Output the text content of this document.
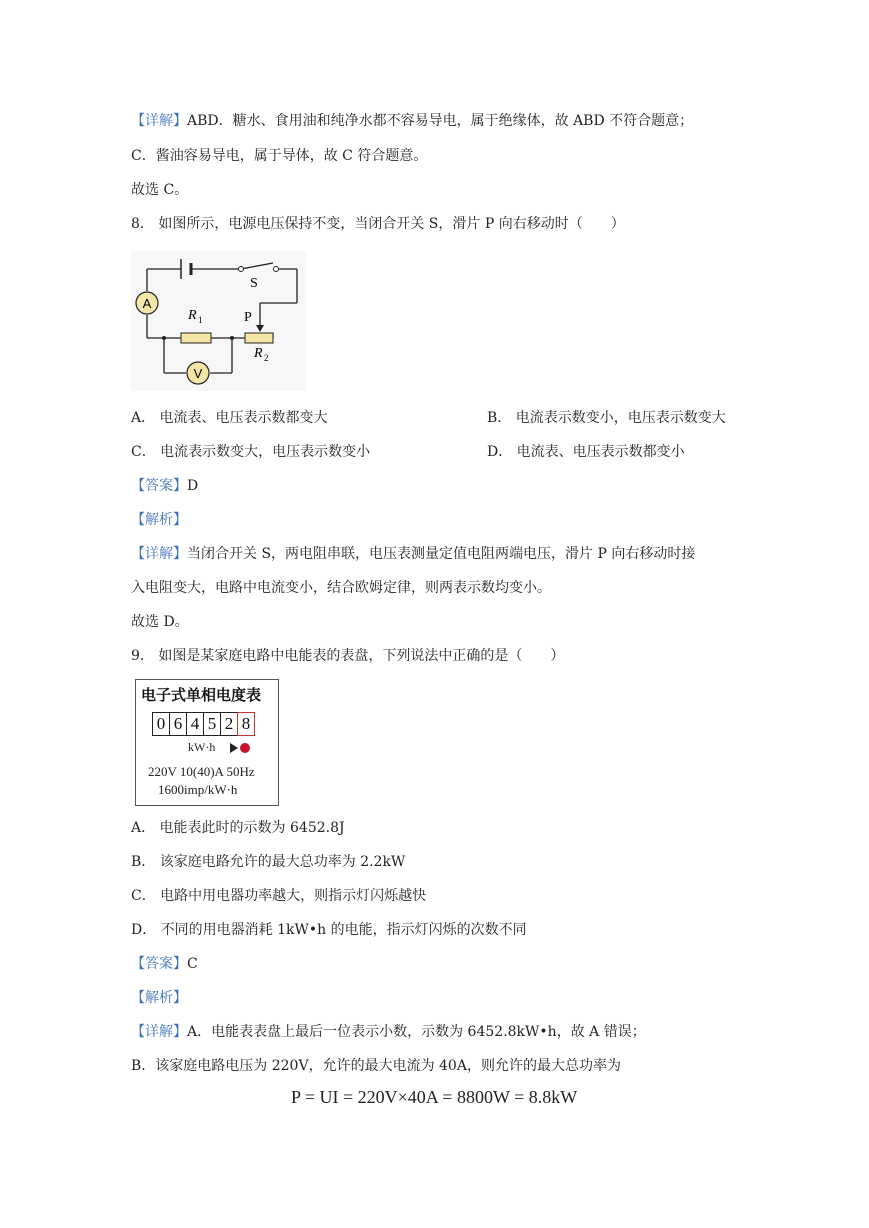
【详解】ABD．糖水、食用油和纯净水都不容易导电，属于绝缘体，故 ABD 不符合题意；
C．酱油容易导电，属于导体，故 C 符合题意。
故选 C。
8． 如图所示，电源电压保持不变，当闭合开关 S，滑片 P 向右移动时（　　）
A
R 1	P
R 2
S
V
A． 电流表、电压表示数都变大	B． 电流表示数变小，电压表示数变大
C． 电流表示数变大，电压表示数变小	D． 电流表、电压表示数都变小
【答案】D
【解析】
【详解】当闭合开关 S，两电阻串联，电压表测量定值电阻两端电压，滑片 P 向右移动时接
入电阻变大，电路中电流变小，结合欧姆定律，则两表示数均变小。
故选 D。
9． 如图是某家庭电路中电能表的表盘，下列说法中正确的是（　　）
电子式单相电度表
0 6 4 5 2 8
kW·h
220V 10(40)A 50Hz
1600imp/kW·h
A． 电能表此时的示数为 6452.8J
B． 该家庭电路允许的最大总功率为 2.2kW
C． 电路中用电器功率越大，则指示灯闪烁越快
D． 不同的用电器消耗 1kW•h 的电能，指示灯闪烁的次数不同
【答案】C
【解析】
【详解】A．电能表表盘上最后一位表示小数，示数为 6452.8kW•h，故 A 错误；
B．该家庭电路电压为 220V，允许的最大电流为 40A，则允许的最大总功率为
P = UI = 220V×40A = 8800W = 8.8kW
